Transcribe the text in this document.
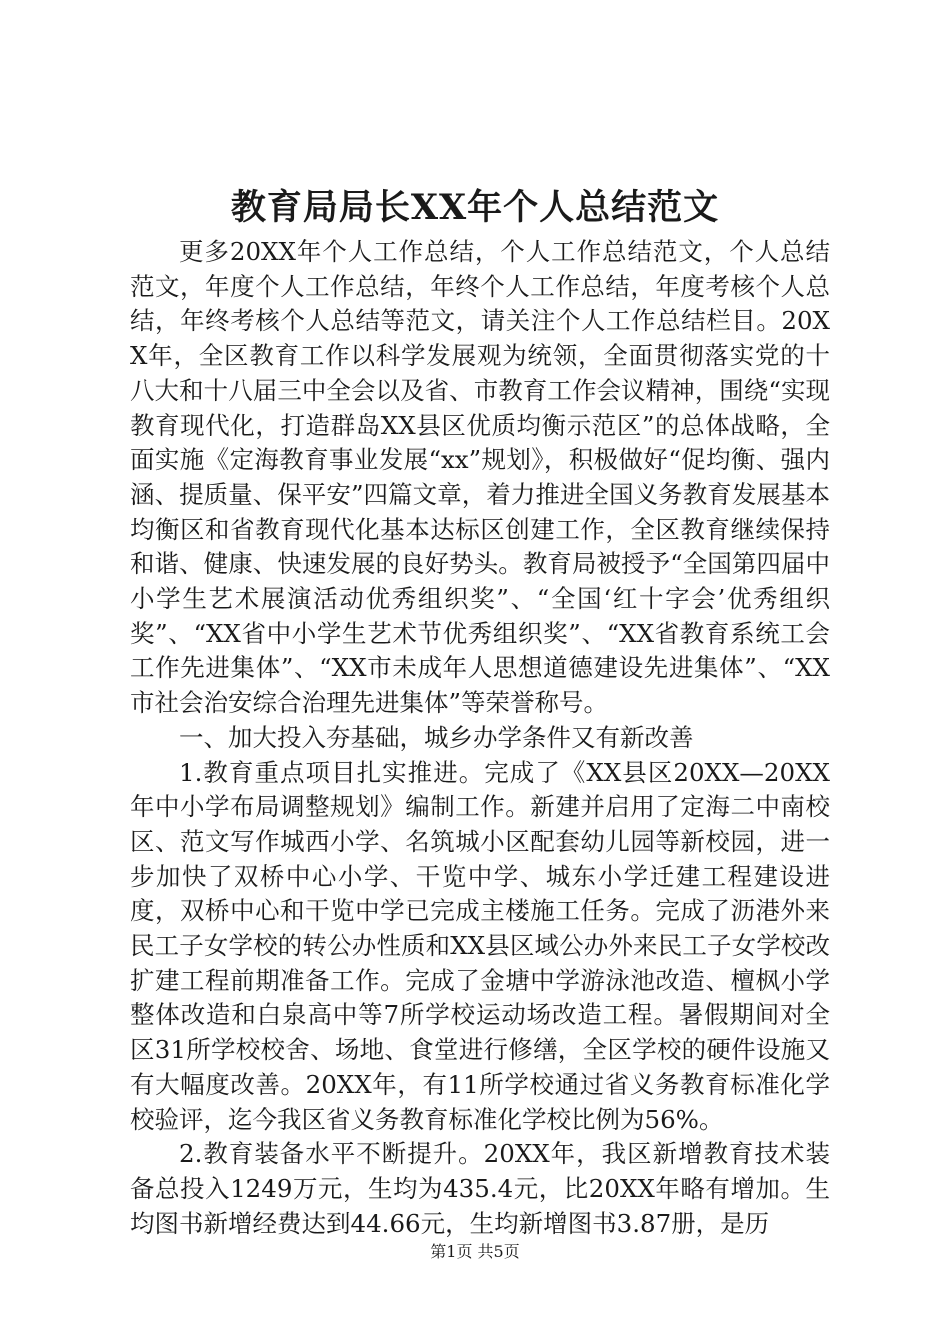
教育局局长XX年个人总结范文

更多20XX年个人工作总结，个人工作总结范文，个人总结范文，年度个人工作总结，年终个人工作总结，年度考核个人总结，年终考核个人总结等范文，请关注个人工作总结栏目。20XX年，全区教育工作以科学发展观为统领，全面贯彻落实党的十八大和十八届三中全会以及省、市教育工作会议精神，围绕“实现教育现代化，打造群岛XX县区优质均衡示范区”的总体战略，全面实施《定海教育事业发展“xx”规划》，积极做好“促均衡、强内涵、提质量、保平安”四篇文章，着力推进全国义务教育发展基本均衡区和省教育现代化基本达标区创建工作，全区教育继续保持和谐、健康、快速发展的良好势头。教育局被授予“全国第四届中小学生艺术展演活动优秀组织奖”、“全国‘红十字会’优秀组织奖”、“XX省中小学生艺术节优秀组织奖”、“XX省教育系统工会工作先进集体”、“XX市未成年人思想道德建设先进集体”、“XX市社会治安综合治理先进集体”等荣誉称号。

一、加大投入夯基础，城乡办学条件又有新改善

1.教育重点项目扎实推进。完成了《XX县区20XX—20XX年中小学布局调整规划》编制工作。新建并启用了定海二中南校区、范文写作城西小学、名筑城小区配套幼儿园等新校园，进一步加快了双桥中心小学、干览中学、城东小学迁建工程建设进度，双桥中心和干览中学已完成主楼施工任务。完成了沥港外来民工子女学校的转公办性质和XX县区域公办外来民工子女学校改扩建工程前期准备工作。完成了金塘中学游泳池改造、檀枫小学整体改造和白泉高中等7所学校运动场改造工程。暑假期间对全区31所学校校舍、场地、食堂进行修缮，全区学校的硬件设施又有大幅度改善。20XX年，有11所学校通过省义务教育标准化学校验评，迄今我区省义务教育标准化学校比例为56%。

2.教育装备水平不断提升。20XX年，我区新增教育技术装备总投入1249万元，生均为435.4元，比20XX年略有增加。生均图书新增经费达到44.66元，生均新增图书3.87册，是历

第1页 共5页
